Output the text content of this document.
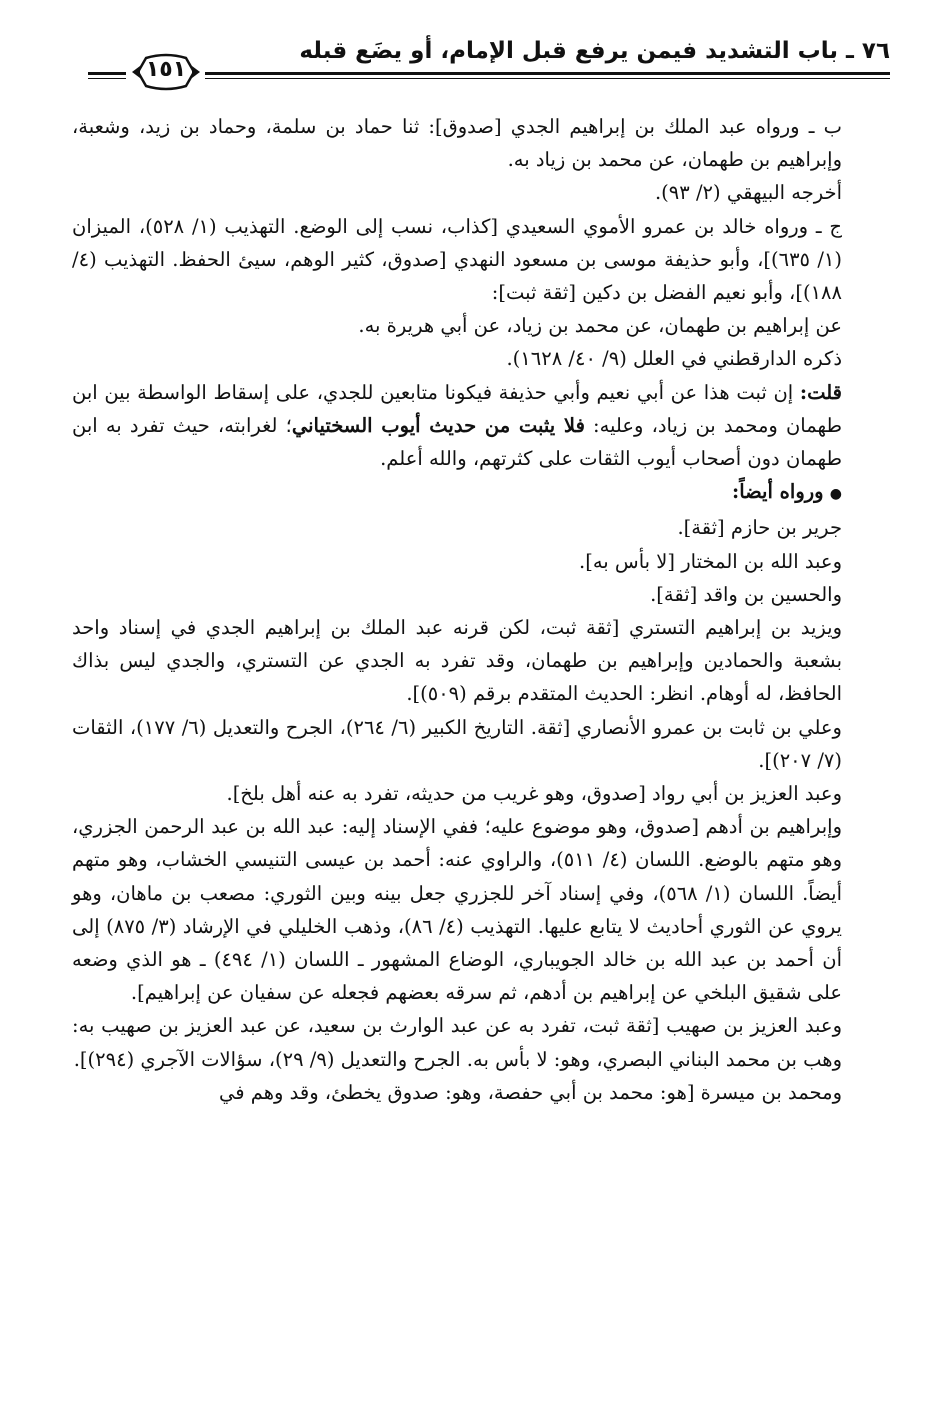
٧٦ ـ باب التشديد فيمن يرفع قبل الإمام، أو يضَع قبله
١٥١

ب ـ ورواه عبد الملك بن إبراهيم الجدي [صدوق]: ثنا حماد بن سلمة، وحماد بن زيد، وشعبة، وإبراهيم بن طهمان، عن محمد بن زياد به.

أخرجه البيهقي (٢/ ٩٣).

ج ـ ورواه خالد بن عمرو الأموي السعيدي [كذاب، نسب إلى الوضع. التهذيب (١/ ٥٢٨)، الميزان (١/ ٦٣٥)]، وأبو حذيفة موسى بن مسعود النهدي [صدوق، كثير الوهم، سيئ الحفظ. التهذيب (٤/ ١٨٨)]، وأبو نعيم الفضل بن دكين [ثقة ثبت]:

عن إبراهيم بن طهمان، عن محمد بن زياد، عن أبي هريرة به.

ذكره الدارقطني في العلل (٩/ ٤٠/ ١٦٢٨).

قلت: إن ثبت هذا عن أبي نعيم وأبي حذيفة فيكونا متابعين للجدي، على إسقاط الواسطة بين ابن طهمان ومحمد بن زياد، وعليه: فلا يثبت من حديث أيوب السختياني؛ لغرابته، حيث تفرد به ابن طهمان دون أصحاب أيوب الثقات على كثرتهم، والله أعلم.

● ورواه أيضاً:

جرير بن حازم [ثقة].

وعبد الله بن المختار [لا بأس به].

والحسين بن واقد [ثقة].

ويزيد بن إبراهيم التستري [ثقة ثبت، لكن قرنه عبد الملك بن إبراهيم الجدي في إسناد واحد بشعبة والحمادين وإبراهيم بن طهمان، وقد تفرد به الجدي عن التستري، والجدي ليس بذاك الحافظ، له أوهام. انظر: الحديث المتقدم برقم (٥٠٩)].

وعلي بن ثابت بن عمرو الأنصاري [ثقة. التاريخ الكبير (٦/ ٢٦٤)، الجرح والتعديل (٦/ ١٧٧)، الثقات (٧/ ٢٠٧)].

وعبد العزيز بن أبي رواد [صدوق، وهو غريب من حديثه، تفرد به عنه أهل بلخ].

وإبراهيم بن أدهم [صدوق، وهو موضوع عليه؛ ففي الإسناد إليه: عبد الله بن عبد الرحمن الجزري، وهو متهم بالوضع. اللسان (٤/ ٥١١)، والراوي عنه: أحمد بن عيسى التنيسي الخشاب، وهو متهم أيضاً. اللسان (١/ ٥٦٨)، وفي إسناد آخر للجزري جعل بينه وبين الثوري: مصعب بن ماهان، وهو يروي عن الثوري أحاديث لا يتابع عليها. التهذيب (٤/ ٨٦)، وذهب الخليلي في الإرشاد (٣/ ٨٧٥) إلى أن أحمد بن عبد الله بن خالد الجويباري، الوضاع المشهور ـ اللسان (١/ ٤٩٤) ـ هو الذي وضعه على شقيق البلخي عن إبراهيم بن أدهم، ثم سرقه بعضهم فجعله عن سفيان عن إبراهيم].

وعبد العزيز بن صهيب [ثقة ثبت، تفرد به عن عبد الوارث بن سعيد، عن عبد العزيز بن صهيب به: وهب بن محمد البناني البصري، وهو: لا بأس به. الجرح والتعديل (٩/ ٢٩)، سؤالات الآجري (٢٩٤)].

ومحمد بن ميسرة [هو: محمد بن أبي حفصة، وهو: صدوق يخطئ، وقد وهم في
